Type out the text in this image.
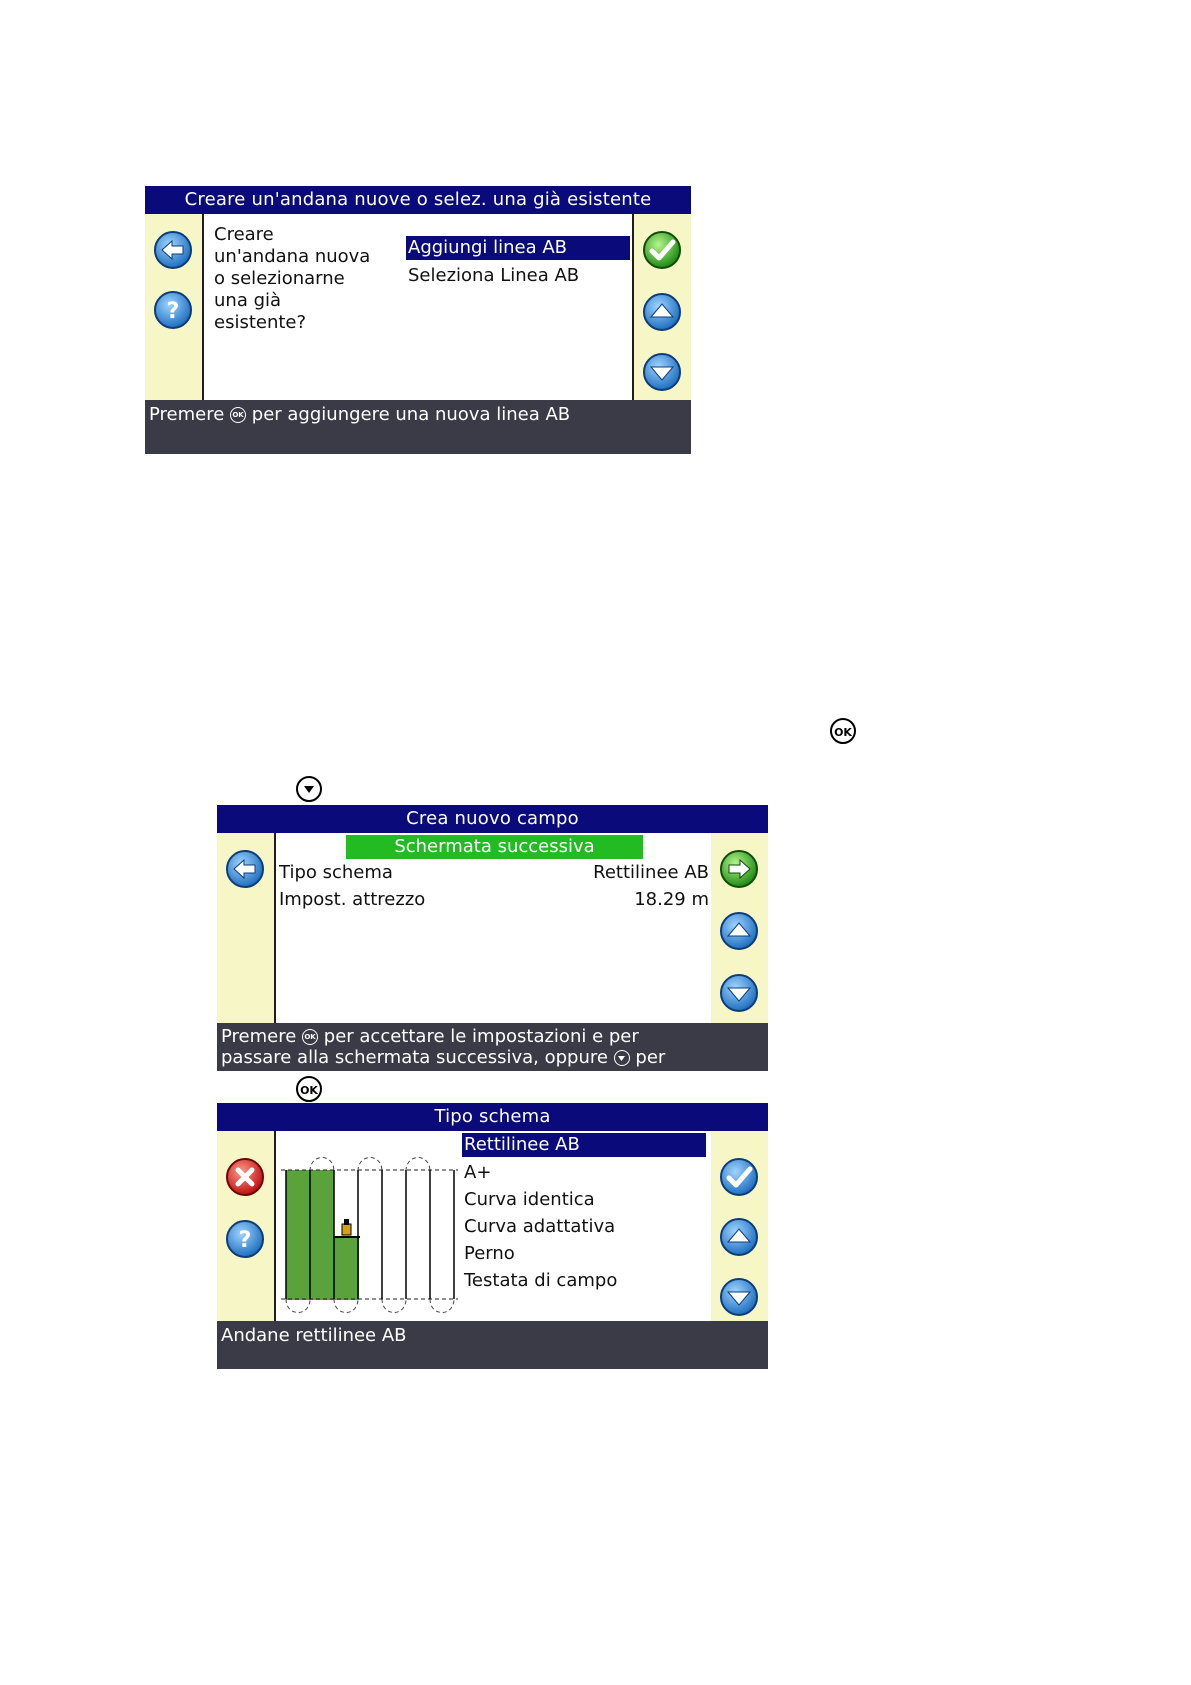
Creare un'andana nuove o selez. una già esistente
?
Creare
un'andana nuova
o selezionarne
una già
esistente?
Aggiungi linea AB
Seleziona Linea AB
Premere OK per aggiungere una nuova linea AB
OK
Crea nuovo campo
Schermata successiva
Tipo schema	Rettilinee AB
Impost. attrezzo	18.29 m
Premere OK per accettare le impostazioni e per
passare alla schermata successiva, oppure per
OK
Tipo schema
?
Rettilinee AB
A+
Curva identica
Curva adattativa
Perno
Testata di campo
Andane rettilinee AB
